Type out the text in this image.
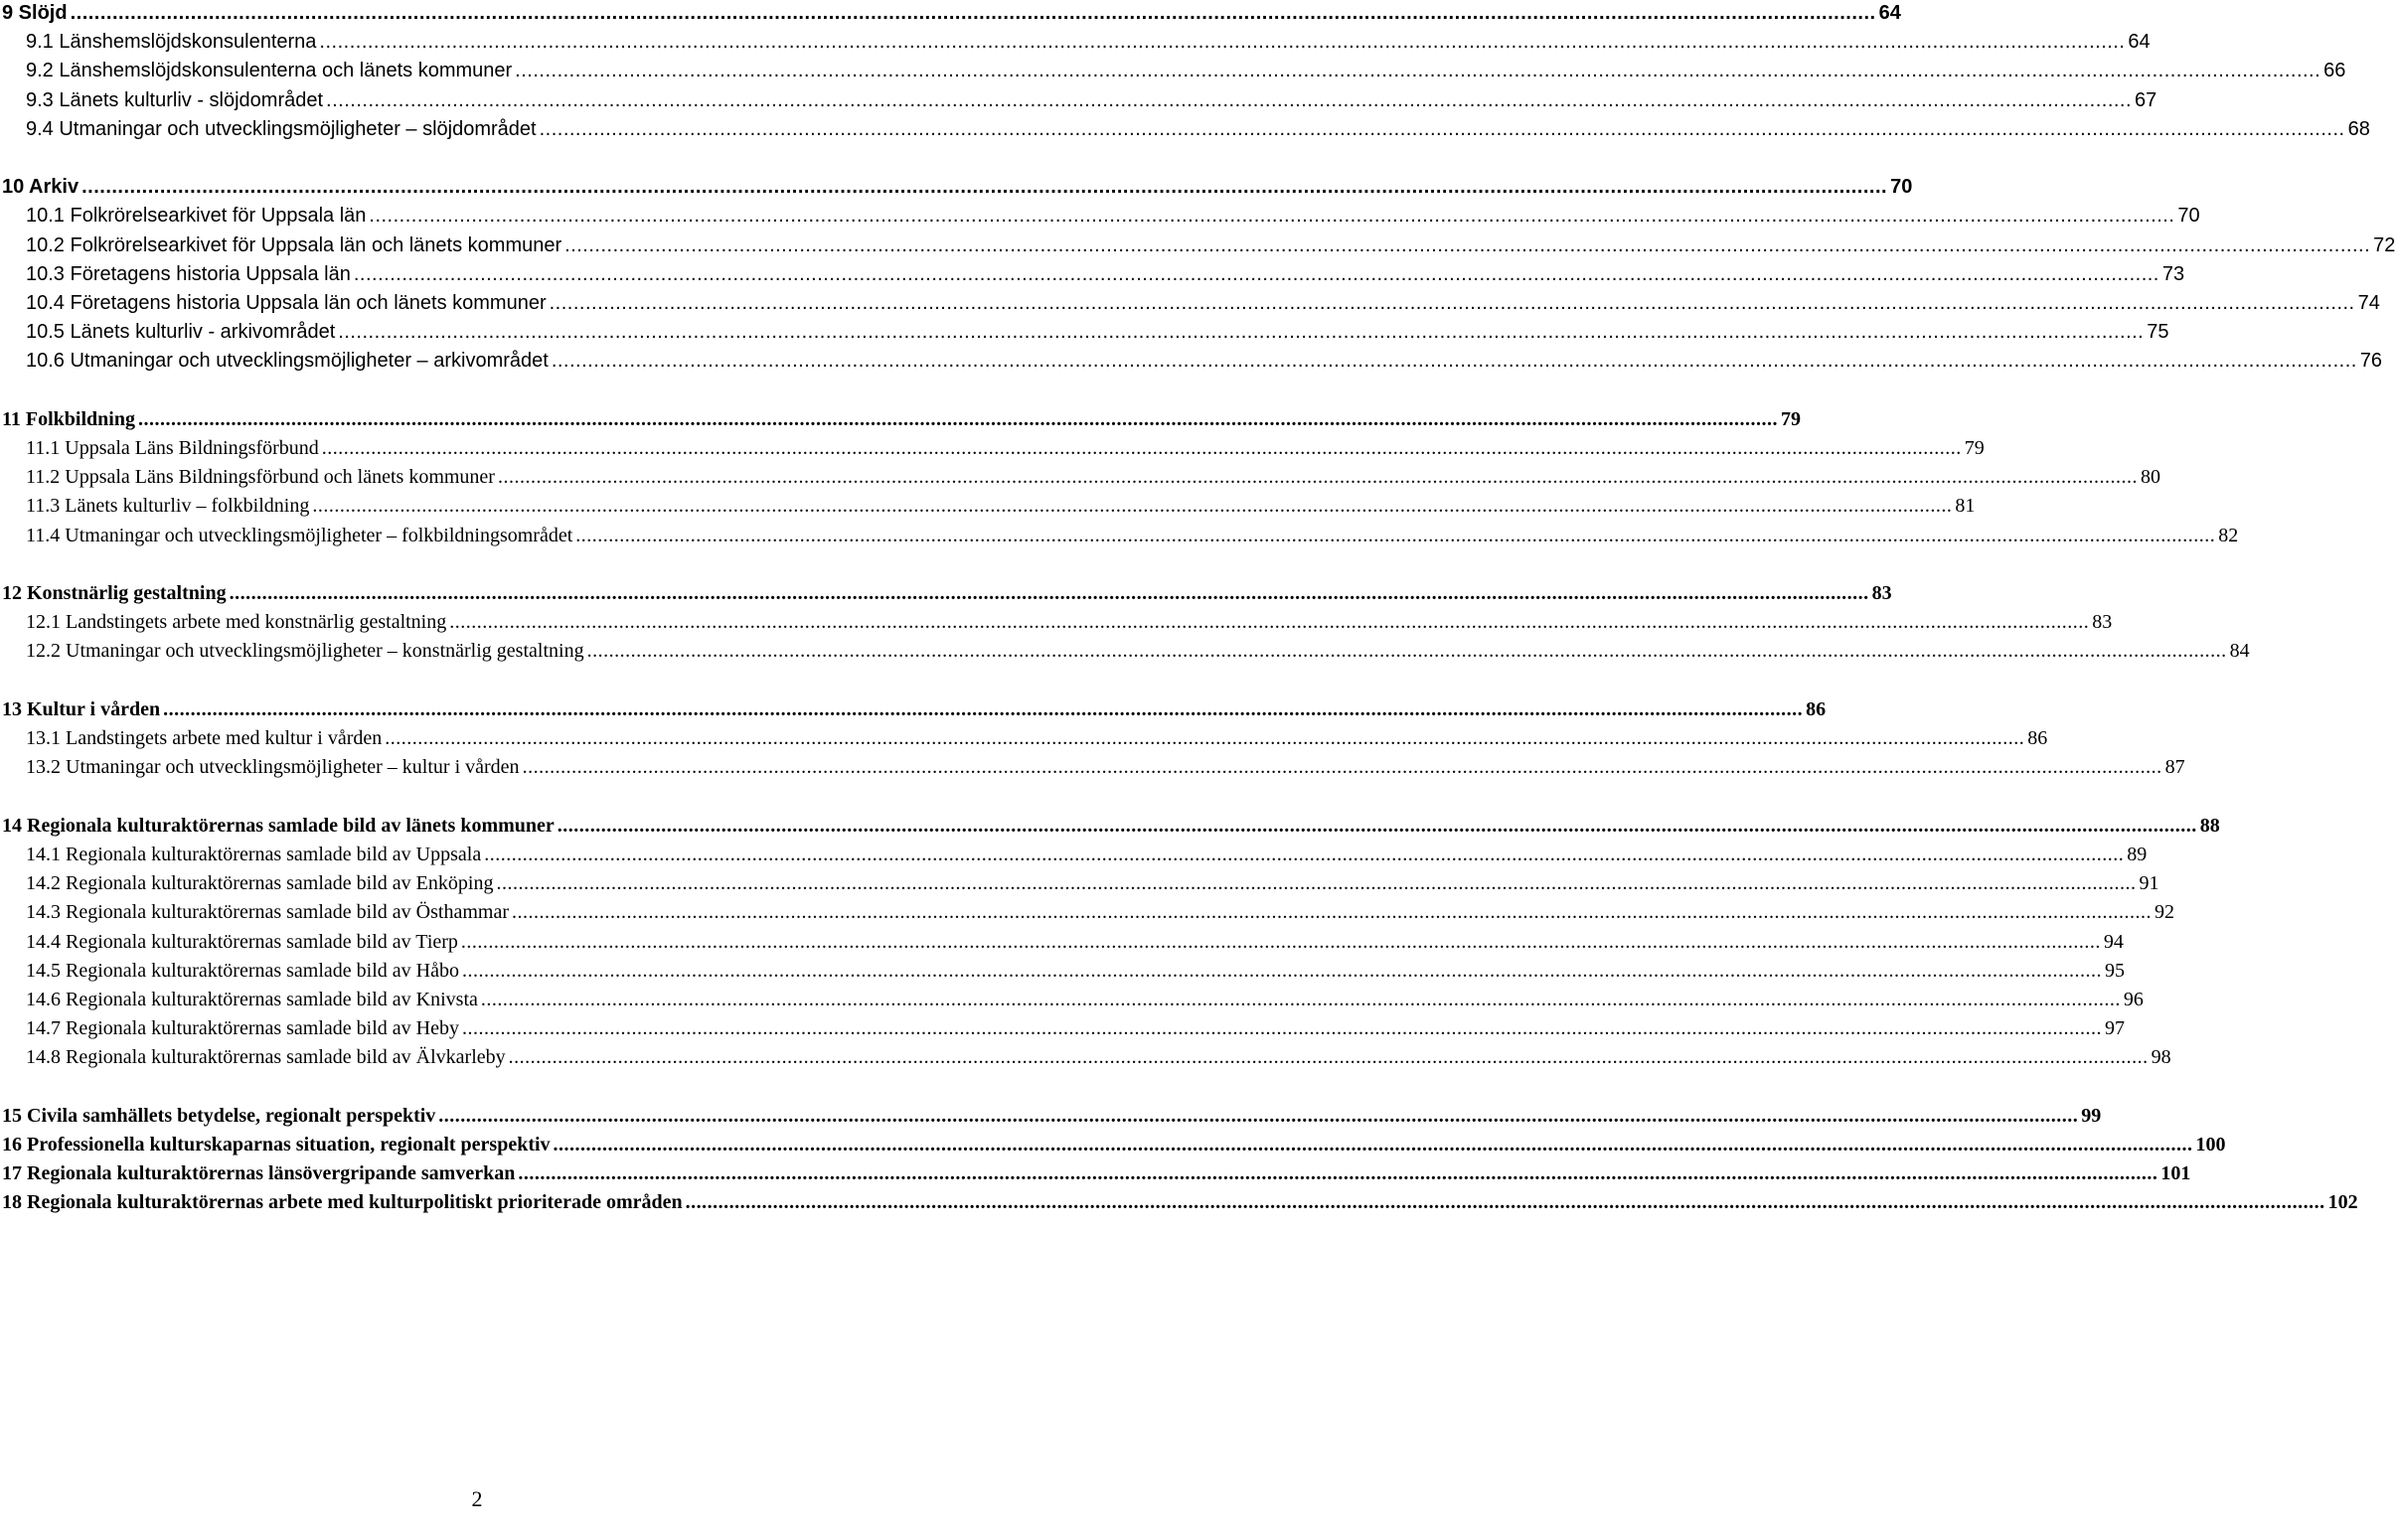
9 Slöjd ............................................................................................................................................................................................................................................................................................................ 64
9.1 Länshemslöjdskonsulenterna ............................................................................................................................................................................................................................................................................................................ 64
9.2 Länshemslöjdskonsulenterna och länets kommuner ............................................................................................................................................................................................................................................................................................................ 66
9.3 Länets kulturliv - slöjdområdet ............................................................................................................................................................................................................................................................................................................ 67
9.4 Utmaningar och utvecklingsmöjligheter – slöjdområdet ............................................................................................................................................................................................................................................................................................................ 68
10 Arkiv ............................................................................................................................................................................................................................................................................................................ 70
10.1 Folkrörelsearkivet för Uppsala län ............................................................................................................................................................................................................................................................................................................ 70
10.2 Folkrörelsearkivet för Uppsala län och länets kommuner ............................................................................................................................................................................................................................................................................................................ 72
10.3 Företagens historia Uppsala län ............................................................................................................................................................................................................................................................................................................ 73
10.4 Företagens historia Uppsala län och länets kommuner ............................................................................................................................................................................................................................................................................................................ 74
10.5 Länets kulturliv - arkivområdet ............................................................................................................................................................................................................................................................................................................ 75
10.6 Utmaningar och utvecklingsmöjligheter – arkivområdet ............................................................................................................................................................................................................................................................................................................ 76
11 Folkbildning ............................................................................................................................................................................................................................................................................................................ 79
11.1 Uppsala Läns Bildningsförbund ............................................................................................................................................................................................................................................................................................................ 79
11.2 Uppsala Läns Bildningsförbund och länets kommuner ............................................................................................................................................................................................................................................................................................................ 80
11.3 Länets kulturliv – folkbildning ............................................................................................................................................................................................................................................................................................................ 81
11.4 Utmaningar och utvecklingsmöjligheter – folkbildningsområdet ............................................................................................................................................................................................................................................................................................................ 82
12 Konstnärlig gestaltning ............................................................................................................................................................................................................................................................................................................ 83
12.1 Landstingets arbete med konstnärlig gestaltning ............................................................................................................................................................................................................................................................................................................ 83
12.2 Utmaningar och utvecklingsmöjligheter – konstnärlig gestaltning ............................................................................................................................................................................................................................................................................................................ 84
13 Kultur i vården ............................................................................................................................................................................................................................................................................................................ 86
13.1 Landstingets arbete med kultur i vården ............................................................................................................................................................................................................................................................................................................ 86
13.2 Utmaningar och utvecklingsmöjligheter – kultur i vården ............................................................................................................................................................................................................................................................................................................ 87
14 Regionala kulturaktörernas samlade bild av länets kommuner ............................................................................................................................................................................................................................................................................................................ 88
14.1 Regionala kulturaktörernas samlade bild av Uppsala ............................................................................................................................................................................................................................................................................................................ 89
14.2 Regionala kulturaktörernas samlade bild av Enköping ............................................................................................................................................................................................................................................................................................................ 91
14.3 Regionala kulturaktörernas samlade bild av Östhammar ............................................................................................................................................................................................................................................................................................................ 92
14.4 Regionala kulturaktörernas samlade bild av Tierp ............................................................................................................................................................................................................................................................................................................ 94
14.5 Regionala kulturaktörernas samlade bild av Håbo ............................................................................................................................................................................................................................................................................................................ 95
14.6 Regionala kulturaktörernas samlade bild av Knivsta ............................................................................................................................................................................................................................................................................................................ 96
14.7 Regionala kulturaktörernas samlade bild av Heby ............................................................................................................................................................................................................................................................................................................ 97
14.8 Regionala kulturaktörernas samlade bild av Älvkarleby ............................................................................................................................................................................................................................................................................................................ 98
15 Civila samhällets betydelse, regionalt perspektiv ............................................................................................................................................................................................................................................................................................................ 99
16 Professionella kulturskaparnas situation, regionalt perspektiv ............................................................................................................................................................................................................................................................................................................ 100
17 Regionala kulturaktörernas länsövergripande samverkan ............................................................................................................................................................................................................................................................................................................ 101
18 Regionala kulturaktörernas arbete med kulturpolitiskt prioriterade områden ............................................................................................................................................................................................................................................................................................................ 102
2
